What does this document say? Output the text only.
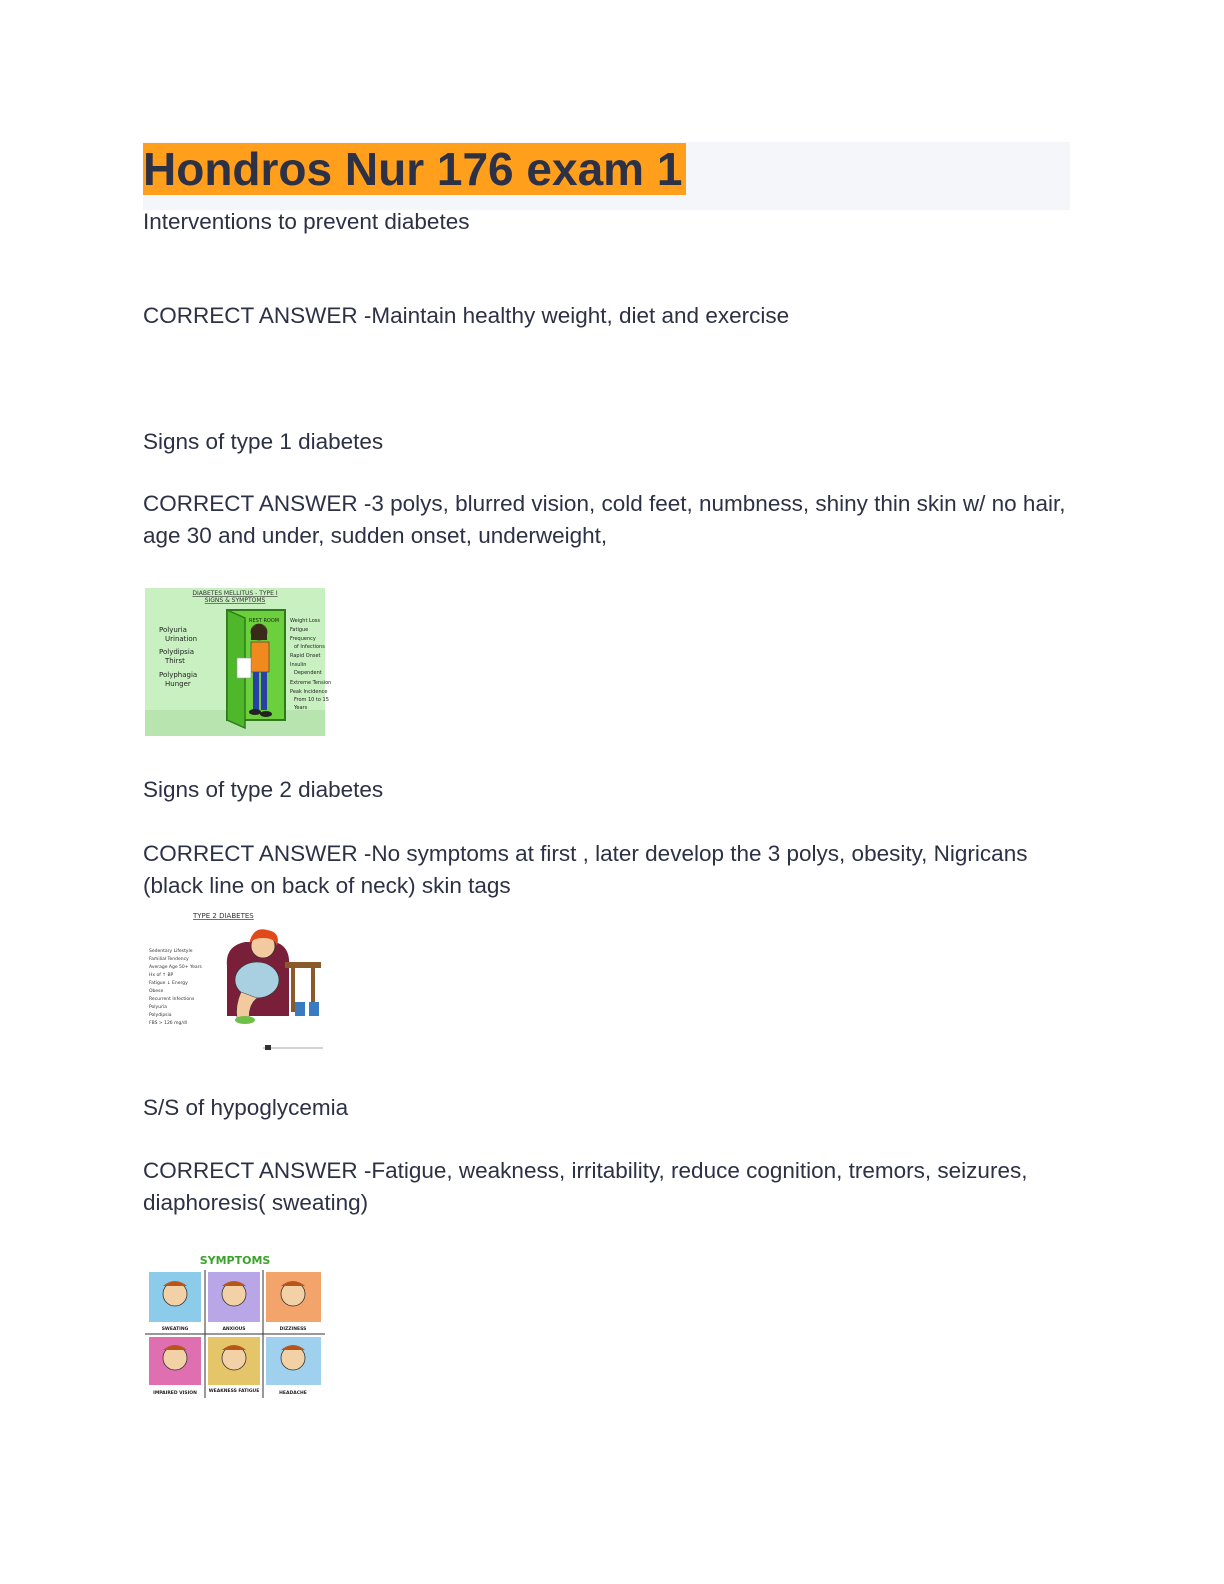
Hondros Nur 176 exam 1
Interventions to prevent diabetes
CORRECT ANSWER -Maintain healthy weight, diet and exercise
Signs of type 1 diabetes
CORRECT ANSWER -3 polys, blurred vision, cold feet, numbness, shiny thin skin w/ no hair, age 30 and under, sudden onset, underweight,
DIABETES MELLITUS - TYPE I
SIGNS & SYMPTOMS
Polyuria
Urination
Polydipsia
Thirst
Polyphagia
Hunger
REST ROOM Weight Loss
Fatigue
Frequency
of Infections
Rapid Onset
Insulin
Dependent
Extreme Tension
Peak Incidence
From 10 to 15
Years
Signs of type 2 diabetes
CORRECT ANSWER -No symptoms at first , later develop the 3 polys, obesity, Nigricans (black line on back of neck) skin tags
TYPE 2 DIABETES
Sedentary Lifestyle
Familial Tendency
Average Age 50+ Years
Hx of ↑ BP
Fatigue ↓ Energy
Obese
Recurrent Infections
Polyuria
Polydipsia
FBS > 126 mg/dl
S/S of hypoglycemia
CORRECT ANSWER -Fatigue, weakness, irritability, reduce cognition, tremors, seizures, diaphoresis( sweating)
SYMPTOMS
SWEATING	ANXIOUS	DIZZINESS
IMPAIRED VISION	WEAKNESS FATIGUE	HEADACHE
